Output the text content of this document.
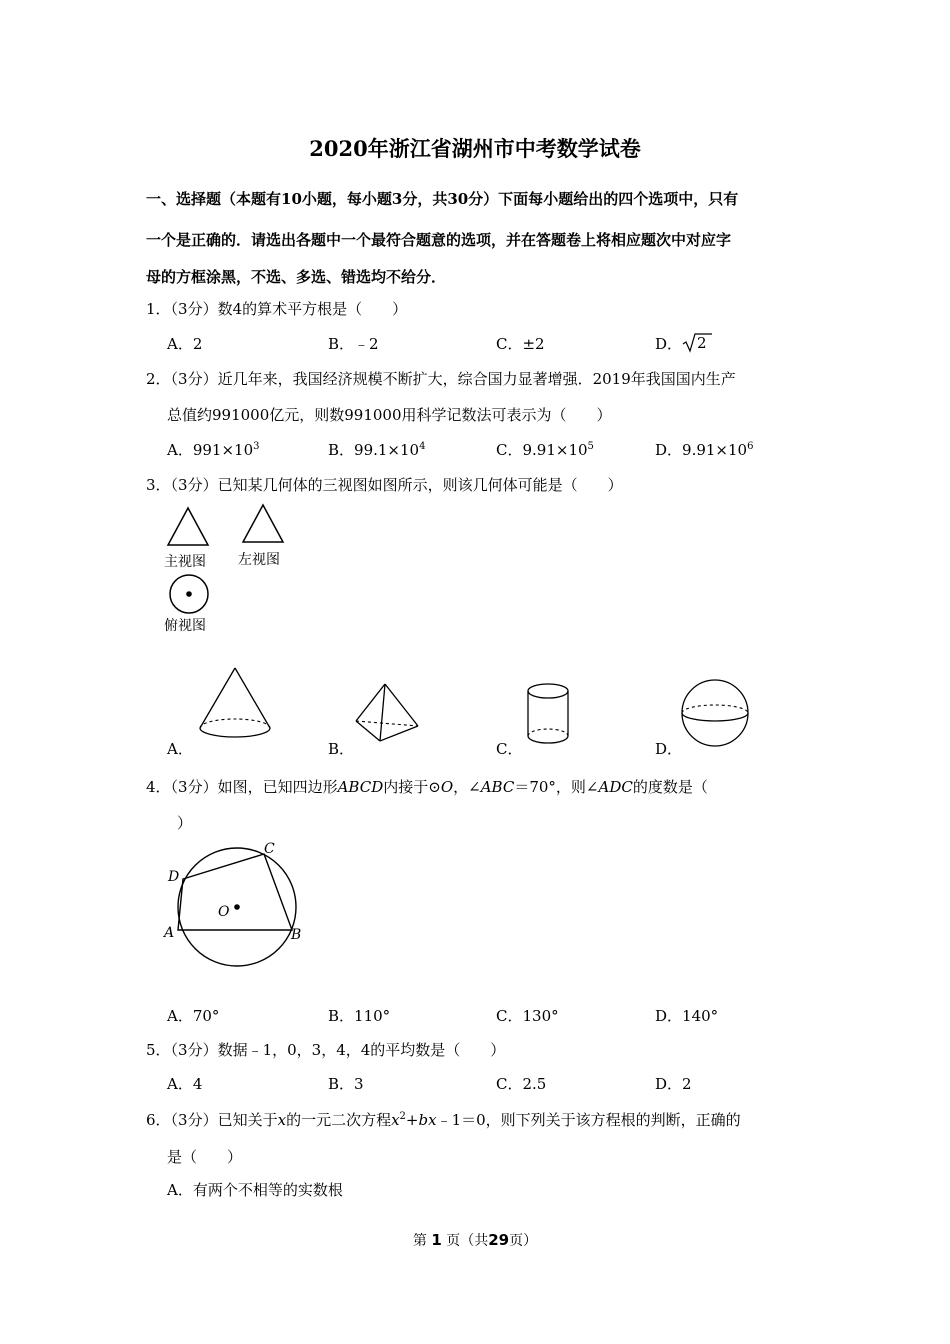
2020年浙江省湖州市中考数学试卷
一、选择题（本题有10小题，每小题3分，共30分）下面每小题给出的四个选项中，只有
一个是正确的．请选出各题中一个最符合题意的选项，并在答题卷上将相应题次中对应字
母的方框涂黑，不选、多选、错选均不给分．
1．（3分）数4的算术平方根是（　　）
A．2	B．﹣2	C．±2	D． 2
2．（3分）近几年来，我国经济规模不断扩大，综合国力显著增强．2019年我国国内生产
总值约991000亿元，则数991000用科学记数法可表示为（　　）
A．$991\times 10^3$	B．$99.1\times 10^4$	C．$9.91\times 10^5$	D．$9.91\times 10^6$
3．（3分）已知某几何体的三视图如图所示，则该几何体可能是（　　）
主视图 左视图
俯视图
A．	B．	C．	D．
4．（3分）如图，已知四边形ABCD内接于⊙O，∠ABC＝70°，则∠ADC的度数是（
）
C
D
O
A	B
A．70°	B．110°	C．130°	D．140°
5．（3分）数据﹣1，0，3，4，4的平均数是（　　）
A．4	B．3	C．2.5	D．2
6．（3分）已知关于x的一元二次方程$x^2+bx﹣1=0$，则下列关于该方程根的判断，正确的
是（　　）
A．有两个不相等的实数根
第 1 页（共29页）
